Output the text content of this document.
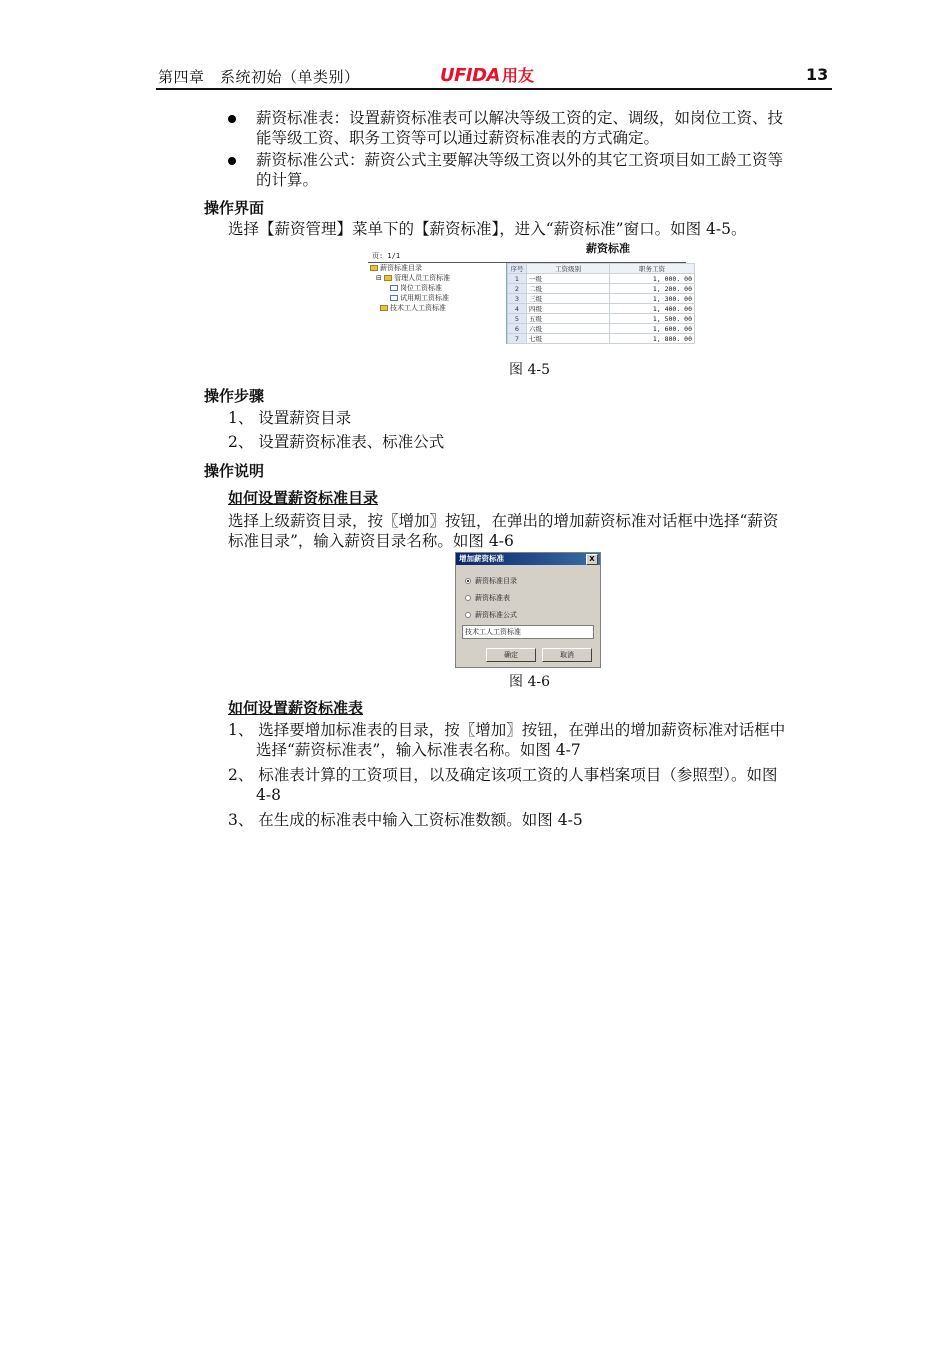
第四章　系统初始（单类别）	UFIDA 用友	13
薪资标准表：设置薪资标准表可以解决等级工资的定、调级，如岗位工资、技
能等级工资、职务工资等可以通过薪资标准表的方式确定。
薪资标准公式：薪资公式主要解决等级工资以外的其它工资项目如工龄工资等
的计算。
操作界面
选择【薪资管理】菜单下的【薪资标准】，进入“薪资标准”窗口。如图 4-5。
薪资标准
页: 1/1
薪资标准目录
⊟ 管理人员工资标准
岗位工资标准
试用期工资标准
技术工人工资标准
序号	工资级别	职务工资
1	一级	1, 000. 00
2	二级	1, 200. 00
3	三级	1, 300. 00
4	四级	1, 400. 00
5	五级	1, 500. 00
6	六级	1, 600. 00
7	七级	1, 800. 00
图 4-5
操作步骤
1、 设置薪资目录
2、 设置薪资标准表、标准公式
操作说明
如何设置薪资标准目录
选择上级薪资目录，按〖增加〗按钮，在弹出的增加薪资标准对话框中选择“薪资
标准目录”，输入薪资目录名称。如图 4-6
增加薪资标准	X
薪资标准目录
薪资标准表
薪资标准公式
技术工人工资标准
确定	取消
图 4-6
如何设置薪资标准表
1、 选择要增加标准表的目录，按〖增加〗按钮，在弹出的增加薪资标准对话框中
选择“薪资标准表”，输入标准表名称。如图 4-7
2、 标准表计算的工资项目，以及确定该项工资的人事档案项目（参照型）。如图
4-8
3、 在生成的标准表中输入工资标准数额。如图 4-5
